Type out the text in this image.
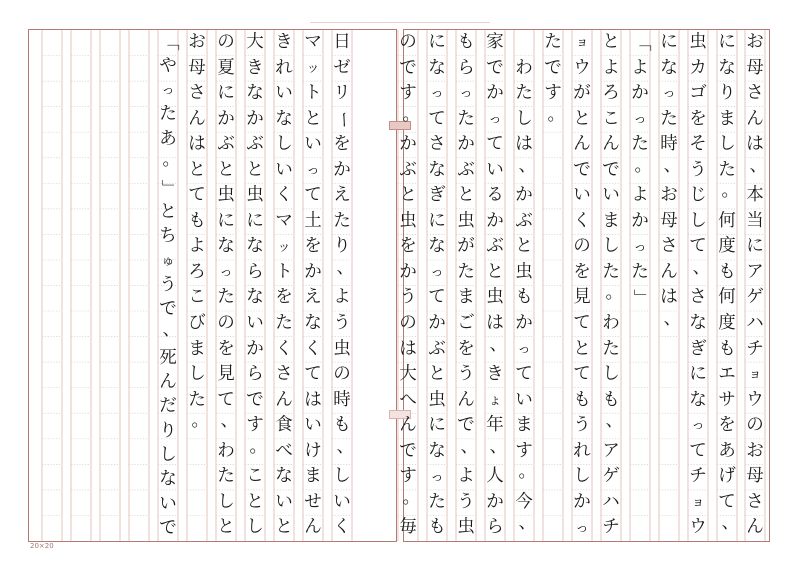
お
母
さ
ん
は
、
本
当
に
ア
ゲ
ハ
チ
ョ
ウ
の
お
母
さ
ん
に
な
り
ま
し
た
。
何
度
も
何
度
も
エ
サ
を
あ
げ
て
、
虫
カ
ゴ
を
そ
う
じ
し
て
、
さ
な
ぎ
に
な
っ
て
チ
ョ
ウ
に
な
っ
た
時
、
お
母
さ
ん
は
、
「
よ
か
っ
た
。
よ
か
っ
た
」
と
よ
ろ
こ
ん
で
い
ま
し
た
。
わ
た
し
も
、
ア
ゲ
ハ
チ
ョ
ウ
が
と
ん
で
い
く
の
を
見
て
と
て
も
う
れ
し
か
っ
た
で
す
。

わ
た
し
は
、
か
ぶ
と
虫
も
か
っ
て
い
ま
す
。
今
、
家
で
か
っ
て
い
る
か
ぶ
と
虫
は
、
き
ょ
年
、
人
か
ら
も
ら
っ
た
か
ぶ
と
虫
が
た
ま
ご
を
う
ん
で
、
よ
う
虫
に
な
っ
て
さ
な
ぎ
に
な
っ
て
か
ぶ
と
虫
に
な
っ
た
も
の
で
す
。
か
ぶ
と
虫
を
か
う
の
は
大
へ
ん
で
す
。
毎
日
ゼ
リ
ー
を
か
え
た
り
、
よ
う
虫
の
時
も
、
し
い
く
マ
ッ
ト
と
い
っ
て
土
を
か
え
な
く
て
は
い
け
ま
せ
ん
き
れ
い
な
し
い
く
マ
ッ
ト
を
た
く
さ
ん
食
べ
な
い
と
大
き
な
か
ぶ
と
虫
に
な
ら
な
い
か
ら
で
す
。
こ
と
し
の
夏
に
か
ぶ
と
虫
に
な
っ
た
の
を
見
て
、
わ
た
し
と
お
母
さ
ん
は
と
て
も
よ
ろ
こ
び
ま
し
た
。
「
や
っ
た
あ
。
」
と
ち
ゅ
う
で
、
死
ん
だ
り
し
な
い
で
20×20
